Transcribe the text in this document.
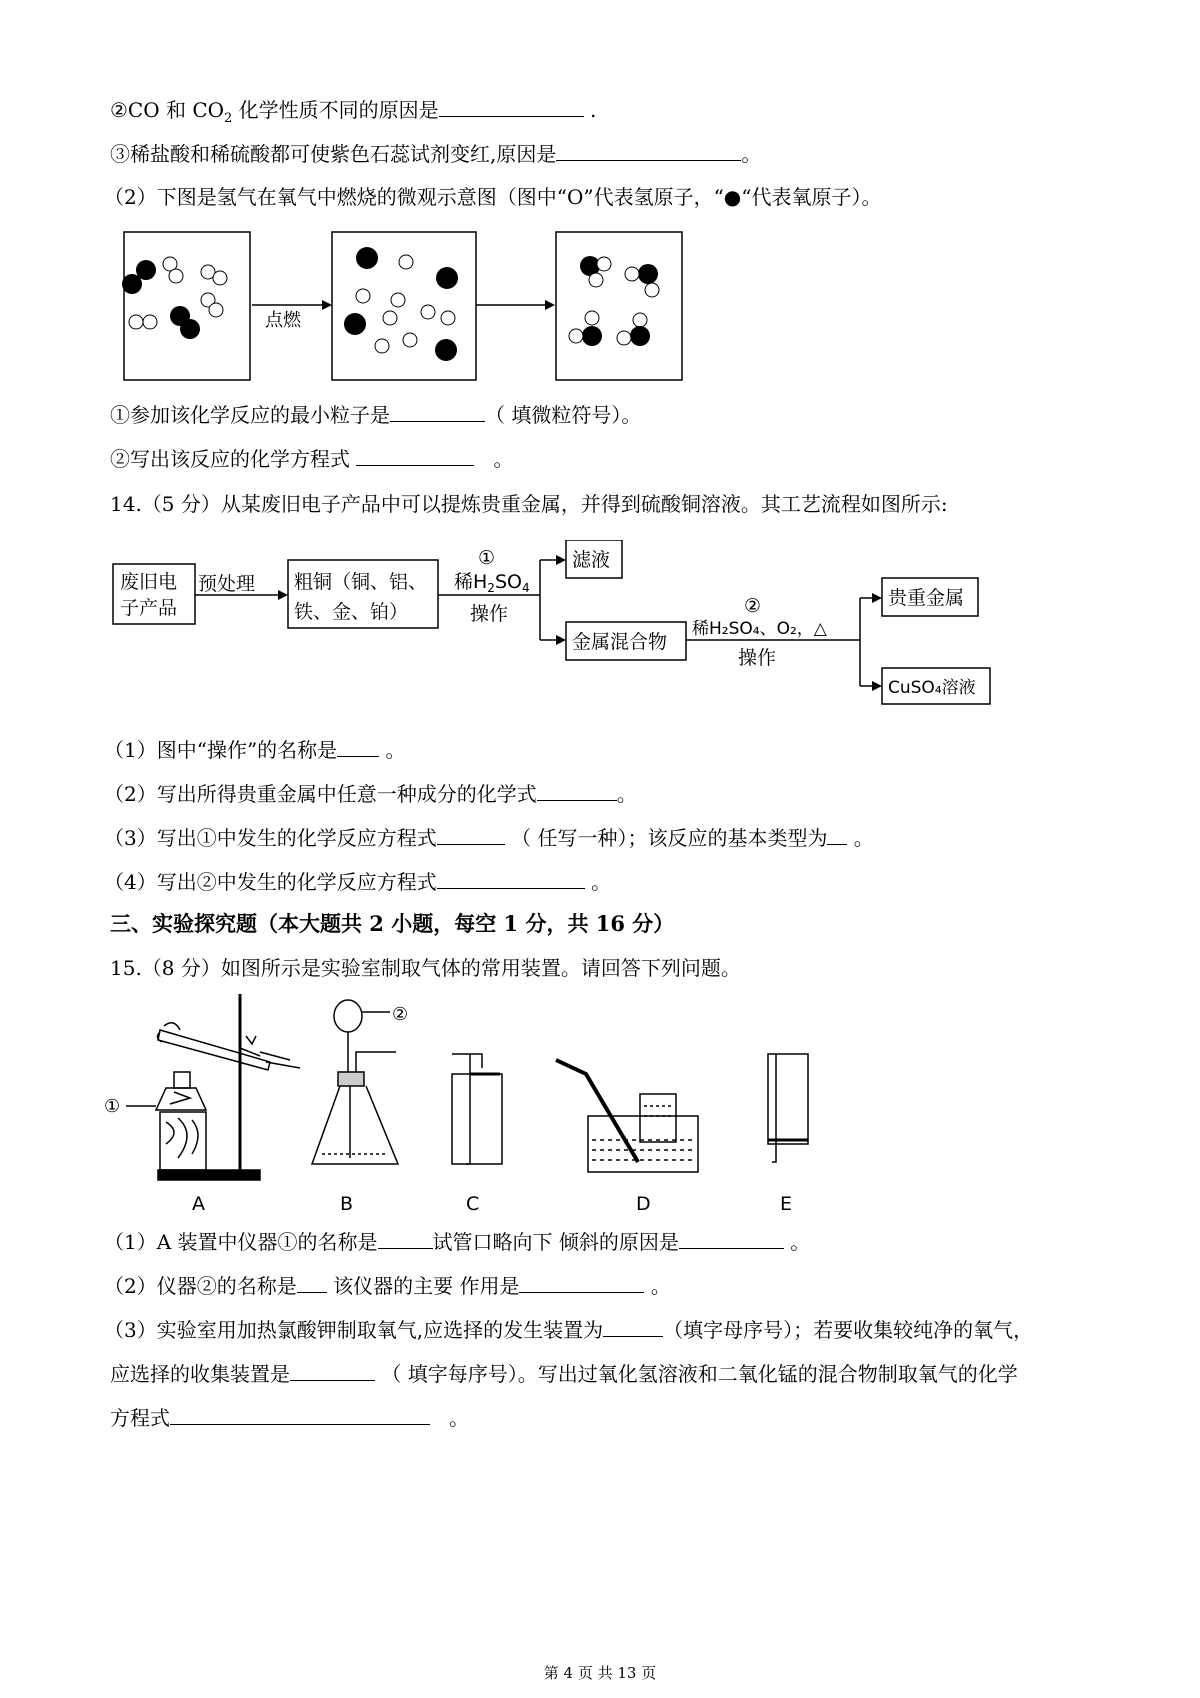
②CO 和 $CO_2$ 化学性质不同的原因是	.
③稀盐酸和稀硫酸都可使紫色石蕊试剂变红,原因是	。
（2）下图是氢气在氧气中燃烧的微观示意图（图中“O”代表氢原子，“●“代表氧原子）。
点燃
①参加该化学反应的最小粒子是	（ 填微粒符号）。
②写出该反应的化学方程式	。
14.（5 分）从某废旧电子产品中可以提炼贵重金属，并得到硫酸铜溶液。其工艺流程如图所示:
废旧电
子产品
预处理 粗铜（铜、铝、
铁、金、铂）
①
稀$H_2SO_4$
操作
滤液
金属混合物
②
稀H₂SO₄、O₂，△
操作
贵重金属
CuSO₄溶液
（1）图中“操作”的名称是 。
（2）写出所得贵重金属中任意一种成分的化学式	。
（3）写出①中发生的化学反应方程式	（ 任写一种）；该反应的基本类型为 。
（4）写出②中发生的化学反应方程式	。
三、实验探究题（本大题共 2 小题，每空 1 分，共 16 分）
15.（8 分）如图所示是实验室制取气体的常用装置。请回答下列问题。
①
②
A	B	C	D	E
（1）A 装置中仪器①的名称是	试管口略向下 倾斜的原因是	。
（2）仪器②的名称是 该仪器的主要 作用是	。
（3）实验室用加热氯酸钾制取氧气,应选择的发生装置为	（填字母序号）；若要收集较纯净的氧气，
应选择的收集装置是	（ 填字每序号）。写出过氧化氢溶液和二氧化锰的混合物制取氧气的化学
方程式	。
第 4 页 共 13 页
